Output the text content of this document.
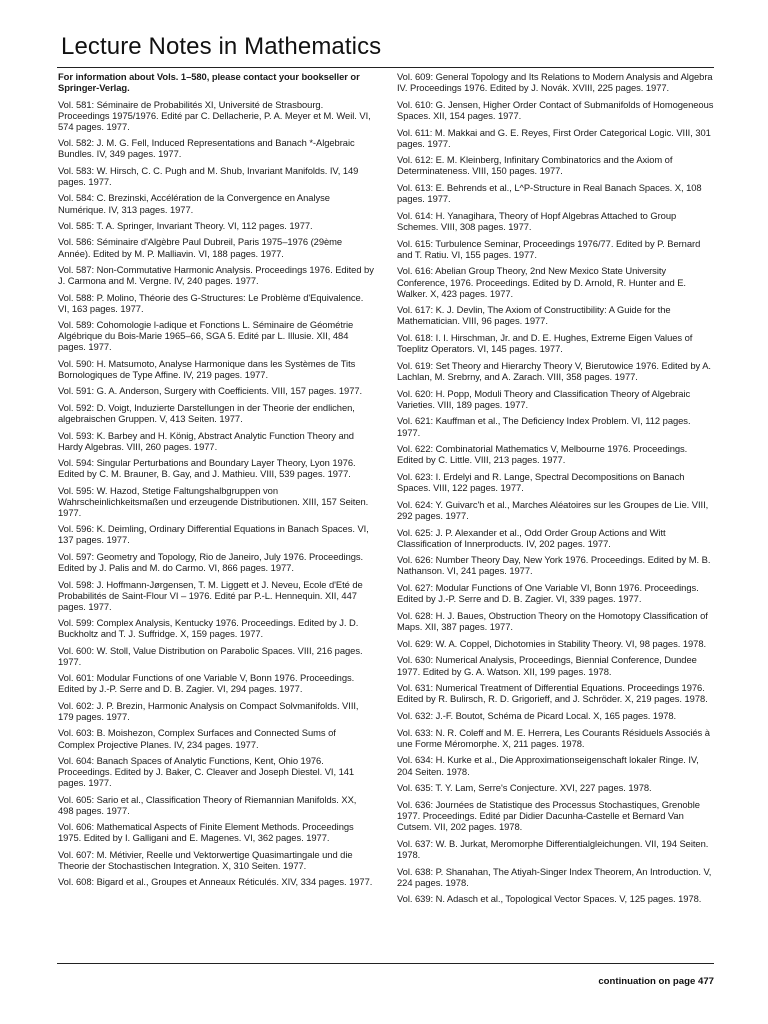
Lecture Notes in Mathematics

For information about Vols. 1–580, please contact your bookseller or Springer-Verlag.

Vol. 581: Séminaire de Probabilités XI, Université de Strasbourg. Proceedings 1975/1976. Edité par C. Dellacherie, P. A. Meyer et M. Weil. VI, 574 pages. 1977.

Vol. 582: J. M. G. Fell, Induced Representations and Banach *-Algebraic Bundles. IV, 349 pages. 1977.

Vol. 583: W. Hirsch, C. C. Pugh and M. Shub, Invariant Manifolds. IV, 149 pages. 1977.

Vol. 584: C. Brezinski, Accélération de la Convergence en Analyse Numérique. IV, 313 pages. 1977.

Vol. 585: T. A. Springer, Invariant Theory. VI, 112 pages. 1977.

Vol. 586: Séminaire d'Algèbre Paul Dubreil, Paris 1975–1976 (29ème Année). Edited by M. P. Malliavin. VI, 188 pages. 1977.

Vol. 587: Non-Commutative Harmonic Analysis. Proceedings 1976. Edited by J. Carmona and M. Vergne. IV, 240 pages. 1977.

Vol. 588: P. Molino, Théorie des G-Structures: Le Problème d'Equivalence. VI, 163 pages. 1977.

Vol. 589: Cohomologie l-adique et Fonctions L. Séminaire de Géométrie Algébrique du Bois-Marie 1965–66, SGA 5. Edité par L. Illusie. XII, 484 pages. 1977.

Vol. 590: H. Matsumoto, Analyse Harmonique dans les Systèmes de Tits Bornologiques de Type Affine. IV, 219 pages. 1977.

Vol. 591: G. A. Anderson, Surgery with Coefficients. VIII, 157 pages. 1977.

Vol. 592: D. Voigt, Induzierte Darstellungen in der Theorie der endlichen, algebraischen Gruppen. V, 413 Seiten. 1977.

Vol. 593: K. Barbey and H. König, Abstract Analytic Function Theory and Hardy Algebras. VIII, 260 pages. 1977.

Vol. 594: Singular Perturbations and Boundary Layer Theory, Lyon 1976. Edited by C. M. Brauner, B. Gay, and J. Mathieu. VIII, 539 pages. 1977.

Vol. 595: W. Hazod, Stetige Faltungshalbgruppen von Wahrscheinlichkeitsmaßen und erzeugende Distributionen. XIII, 157 Seiten. 1977.

Vol. 596: K. Deimling, Ordinary Differential Equations in Banach Spaces. VI, 137 pages. 1977.

Vol. 597: Geometry and Topology, Rio de Janeiro, July 1976. Proceedings. Edited by J. Palis and M. do Carmo. VI, 866 pages. 1977.

Vol. 598: J. Hoffmann-Jørgensen, T. M. Liggett et J. Neveu, Ecole d'Eté de Probabilités de Saint-Flour VI – 1976. Edité par P.-L. Hennequin. XII, 447 pages. 1977.

Vol. 599: Complex Analysis, Kentucky 1976. Proceedings. Edited by J. D. Buckholtz and T. J. Suffridge. X, 159 pages. 1977.

Vol. 600: W. Stoll, Value Distribution on Parabolic Spaces. VIII, 216 pages. 1977.

Vol. 601: Modular Functions of one Variable V, Bonn 1976. Proceedings. Edited by J.-P. Serre and D. B. Zagier. VI, 294 pages. 1977.

Vol. 602: J. P. Brezin, Harmonic Analysis on Compact Solvmanifolds. VIII, 179 pages. 1977.

Vol. 603: B. Moishezon, Complex Surfaces and Connected Sums of Complex Projective Planes. IV, 234 pages. 1977.

Vol. 604: Banach Spaces of Analytic Functions, Kent, Ohio 1976. Proceedings. Edited by J. Baker, C. Cleaver and Joseph Diestel. VI, 141 pages. 1977.

Vol. 605: Sario et al., Classification Theory of Riemannian Manifolds. XX, 498 pages. 1977.

Vol. 606: Mathematical Aspects of Finite Element Methods. Proceedings 1975. Edited by I. Galligani and E. Magenes. VI, 362 pages. 1977.

Vol. 607: M. Métivier, Reelle und Vektorwertige Quasimartingale und die Theorie der Stochastischen Integration. X, 310 Seiten. 1977.

Vol. 608: Bigard et al., Groupes et Anneaux Réticulés. XIV, 334 pages. 1977.

Vol. 609: General Topology and Its Relations to Modern Analysis and Algebra IV. Proceedings 1976. Edited by J. Novák. XVIII, 225 pages. 1977.

Vol. 610: G. Jensen, Higher Order Contact of Submanifolds of Homogeneous Spaces. XII, 154 pages. 1977.

Vol. 611: M. Makkai and G. E. Reyes, First Order Categorical Logic. VIII, 301 pages. 1977.

Vol. 612: E. M. Kleinberg, Infinitary Combinatorics and the Axiom of Determinateness. VIII, 150 pages. 1977.

Vol. 613: E. Behrends et al., L^P-Structure in Real Banach Spaces. X, 108 pages. 1977.

Vol. 614: H. Yanagihara, Theory of Hopf Algebras Attached to Group Schemes. VIII, 308 pages. 1977.

Vol. 615: Turbulence Seminar, Proceedings 1976/77. Edited by P. Bernard and T. Ratiu. VI, 155 pages. 1977.

Vol. 616: Abelian Group Theory, 2nd New Mexico State University Conference, 1976. Proceedings. Edited by D. Arnold, R. Hunter and E. Walker. X, 423 pages. 1977.

Vol. 617: K. J. Devlin, The Axiom of Constructibility: A Guide for the Mathematician. VIII, 96 pages. 1977.

Vol. 618: I. I. Hirschman, Jr. and D. E. Hughes, Extreme Eigen Values of Toeplitz Operators. VI, 145 pages. 1977.

Vol. 619: Set Theory and Hierarchy Theory V, Bierutowice 1976. Edited by A. Lachlan, M. Srebrny, and A. Zarach. VIII, 358 pages. 1977.

Vol. 620: H. Popp, Moduli Theory and Classification Theory of Algebraic Varieties. VIII, 189 pages. 1977.

Vol. 621: Kauffman et al., The Deficiency Index Problem. VI, 112 pages. 1977.

Vol. 622: Combinatorial Mathematics V, Melbourne 1976. Proceedings. Edited by C. Little. VIII, 213 pages. 1977.

Vol. 623: I. Erdelyi and R. Lange, Spectral Decompositions on Banach Spaces. VIII, 122 pages. 1977.

Vol. 624: Y. Guivarc'h et al., Marches Aléatoires sur les Groupes de Lie. VIII, 292 pages. 1977.

Vol. 625: J. P. Alexander et al., Odd Order Group Actions and Witt Classification of Innerproducts. IV, 202 pages. 1977.

Vol. 626: Number Theory Day, New York 1976. Proceedings. Edited by M. B. Nathanson. VI, 241 pages. 1977.

Vol. 627: Modular Functions of One Variable VI, Bonn 1976. Proceedings. Edited by J.-P. Serre and D. B. Zagier. VI, 339 pages. 1977.

Vol. 628: H. J. Baues, Obstruction Theory on the Homotopy Classification of Maps. XII, 387 pages. 1977.

Vol. 629: W. A. Coppel, Dichotomies in Stability Theory. VI, 98 pages. 1978.

Vol. 630: Numerical Analysis, Proceedings, Biennial Conference, Dundee 1977. Edited by G. A. Watson. XII, 199 pages. 1978.

Vol. 631: Numerical Treatment of Differential Equations. Proceedings 1976. Edited by R. Bulirsch, R. D. Grigorieff, and J. Schröder. X, 219 pages. 1978.

Vol. 632: J.-F. Boutot, Schéma de Picard Local. X, 165 pages. 1978.

Vol. 633: N. R. Coleff and M. E. Herrera, Les Courants Résiduels Associés à une Forme Méromorphe. X, 211 pages. 1978.

Vol. 634: H. Kurke et al., Die Approximationseigenschaft lokaler Ringe. IV, 204 Seiten. 1978.

Vol. 635: T. Y. Lam, Serre's Conjecture. XVI, 227 pages. 1978.

Vol. 636: Journées de Statistique des Processus Stochastiques, Grenoble 1977. Proceedings. Edité par Didier Dacunha-Castelle et Bernard Van Cutsem. VII, 202 pages. 1978.

Vol. 637: W. B. Jurkat, Meromorphe Differentialgleichungen. VII, 194 Seiten. 1978.

Vol. 638: P. Shanahan, The Atiyah-Singer Index Theorem, An Introduction. V, 224 pages. 1978.

Vol. 639: N. Adasch et al., Topological Vector Spaces. V, 125 pages. 1978.

continuation on page 477
